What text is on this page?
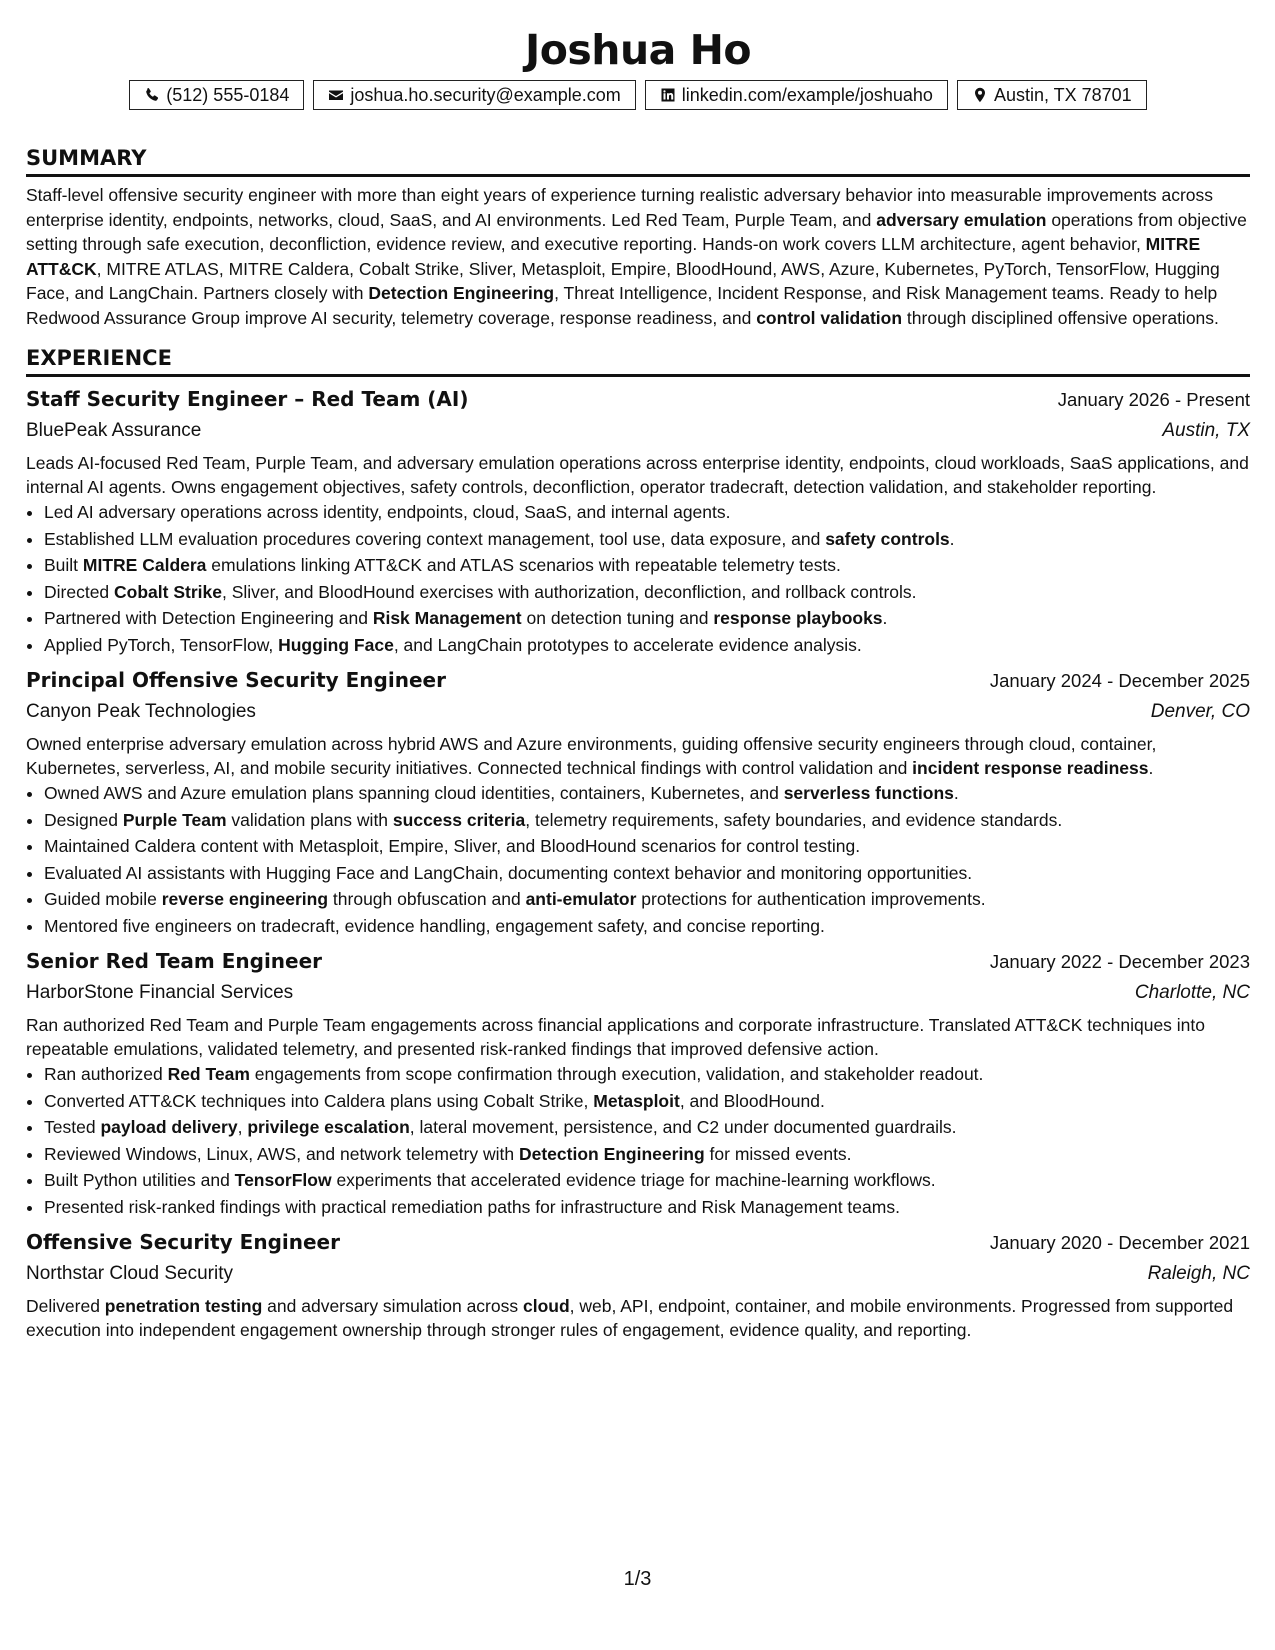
Joshua Ho
(512) 555-0184	joshua.ho.security@example.com	linkedin.com/example/joshuaho	Austin, TX 78701
SUMMARY
Staff-level offensive security engineer with more than eight years of experience turning realistic adversary behavior into measurable improvements across enterprise identity, endpoints, networks, cloud, SaaS, and AI environments. Led Red Team, Purple Team, and adversary emulation operations from objective setting through safe execution, deconfliction, evidence review, and executive reporting. Hands-on work covers LLM architecture, agent behavior, MITRE ATT&CK, MITRE ATLAS, MITRE Caldera, Cobalt Strike, Sliver, Metasploit, Empire, BloodHound, AWS, Azure, Kubernetes, PyTorch, TensorFlow, Hugging Face, and LangChain. Partners closely with Detection Engineering, Threat Intelligence, Incident Response, and Risk Management teams. Ready to help Redwood Assurance Group improve AI security, telemetry coverage, response readiness, and control validation through disciplined offensive operations.
EXPERIENCE
Staff Security Engineer – Red Team (AI)	January 2026 - Present
BluePeak Assurance	Austin, TX
Leads AI-focused Red Team, Purple Team, and adversary emulation operations across enterprise identity, endpoints, cloud workloads, SaaS applications, and internal AI agents. Owns engagement objectives, safety controls, deconfliction, operator tradecraft, detection validation, and stakeholder reporting.
• Led AI adversary operations across identity, endpoints, cloud, SaaS, and internal agents.
• Established LLM evaluation procedures covering context management, tool use, data exposure, and safety controls.
• Built MITRE Caldera emulations linking ATT&CK and ATLAS scenarios with repeatable telemetry tests.
• Directed Cobalt Strike, Sliver, and BloodHound exercises with authorization, deconfliction, and rollback controls.
• Partnered with Detection Engineering and Risk Management on detection tuning and response playbooks.
• Applied PyTorch, TensorFlow, Hugging Face, and LangChain prototypes to accelerate evidence analysis.
Principal Offensive Security Engineer	January 2024 - December 2025
Canyon Peak Technologies	Denver, CO
Owned enterprise adversary emulation across hybrid AWS and Azure environments, guiding offensive security engineers through cloud, container, Kubernetes, serverless, AI, and mobile security initiatives. Connected technical findings with control validation and incident response readiness.
• Owned AWS and Azure emulation plans spanning cloud identities, containers, Kubernetes, and serverless functions.
• Designed Purple Team validation plans with success criteria, telemetry requirements, safety boundaries, and evidence standards.
• Maintained Caldera content with Metasploit, Empire, Sliver, and BloodHound scenarios for control testing.
• Evaluated AI assistants with Hugging Face and LangChain, documenting context behavior and monitoring opportunities.
• Guided mobile reverse engineering through obfuscation and anti-emulator protections for authentication improvements.
• Mentored five engineers on tradecraft, evidence handling, engagement safety, and concise reporting.
Senior Red Team Engineer	January 2022 - December 2023
HarborStone Financial Services	Charlotte, NC
Ran authorized Red Team and Purple Team engagements across financial applications and corporate infrastructure. Translated ATT&CK techniques into repeatable emulations, validated telemetry, and presented risk-ranked findings that improved defensive action.
• Ran authorized Red Team engagements from scope confirmation through execution, validation, and stakeholder readout.
• Converted ATT&CK techniques into Caldera plans using Cobalt Strike, Metasploit, and BloodHound.
• Tested payload delivery, privilege escalation, lateral movement, persistence, and C2 under documented guardrails.
• Reviewed Windows, Linux, AWS, and network telemetry with Detection Engineering for missed events.
• Built Python utilities and TensorFlow experiments that accelerated evidence triage for machine-learning workflows.
• Presented risk-ranked findings with practical remediation paths for infrastructure and Risk Management teams.
Offensive Security Engineer	January 2020 - December 2021
Northstar Cloud Security	Raleigh, NC
Delivered penetration testing and adversary simulation across cloud, web, API, endpoint, container, and mobile environments. Progressed from supported execution into independent engagement ownership through stronger rules of engagement, evidence quality, and reporting.
1/3
